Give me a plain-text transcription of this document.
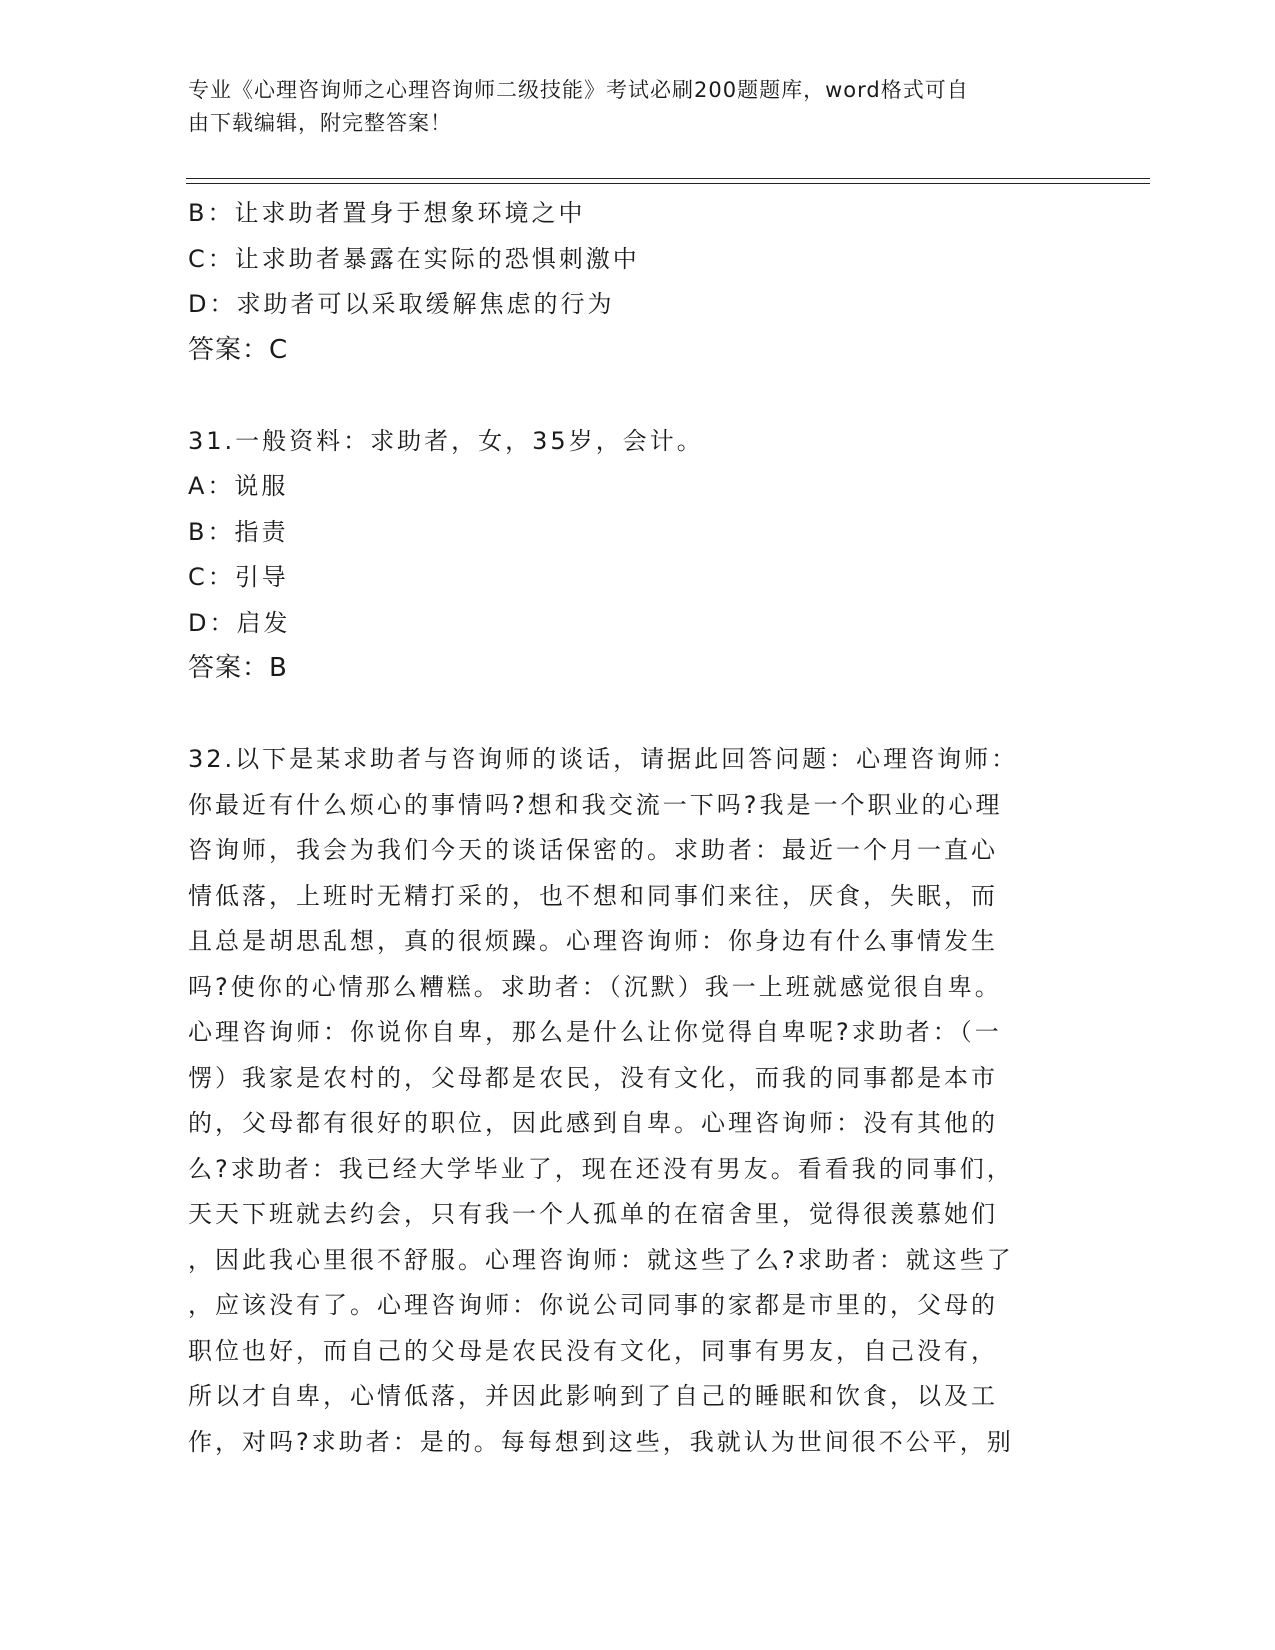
专业《心理咨询师之心理咨询师二级技能》考试必刷200题题库，word格式可自
由下载编辑，附完整答案！
B：让求助者置身于想象环境之中
C：让求助者暴露在实际的恐惧刺激中
D：求助者可以采取缓解焦虑的行为
答案：C
31.一般资料：求助者，女，35岁，会计。
A：说服
B：指责
C：引导
D：启发
答案：B
32.以下是某求助者与咨询师的谈话，请据此回答问题：心理咨询师：
你最近有什么烦心的事情吗?想和我交流一下吗?我是一个职业的心理
咨询师，我会为我们今天的谈话保密的。求助者：最近一个月一直心
情低落，上班时无精打采的，也不想和同事们来往，厌食，失眠，而
且总是胡思乱想，真的很烦躁。心理咨询师：你身边有什么事情发生
吗?使你的心情那么糟糕。求助者：（沉默）我一上班就感觉很自卑。
心理咨询师：你说你自卑，那么是什么让你觉得自卑呢?求助者：（一
愣）我家是农村的，父母都是农民，没有文化，而我的同事都是本市
的，父母都有很好的职位，因此感到自卑。心理咨询师：没有其他的
么?求助者：我已经大学毕业了，现在还没有男友。看看我的同事们，
天天下班就去约会，只有我一个人孤单的在宿舍里，觉得很羡慕她们
，因此我心里很不舒服。心理咨询师：就这些了么?求助者：就这些了
，应该没有了。心理咨询师：你说公司同事的家都是市里的，父母的
职位也好，而自己的父母是农民没有文化，同事有男友，自己没有，
所以才自卑，心情低落，并因此影响到了自己的睡眠和饮食，以及工
作，对吗?求助者：是的。每每想到这些，我就认为世间很不公平，别
